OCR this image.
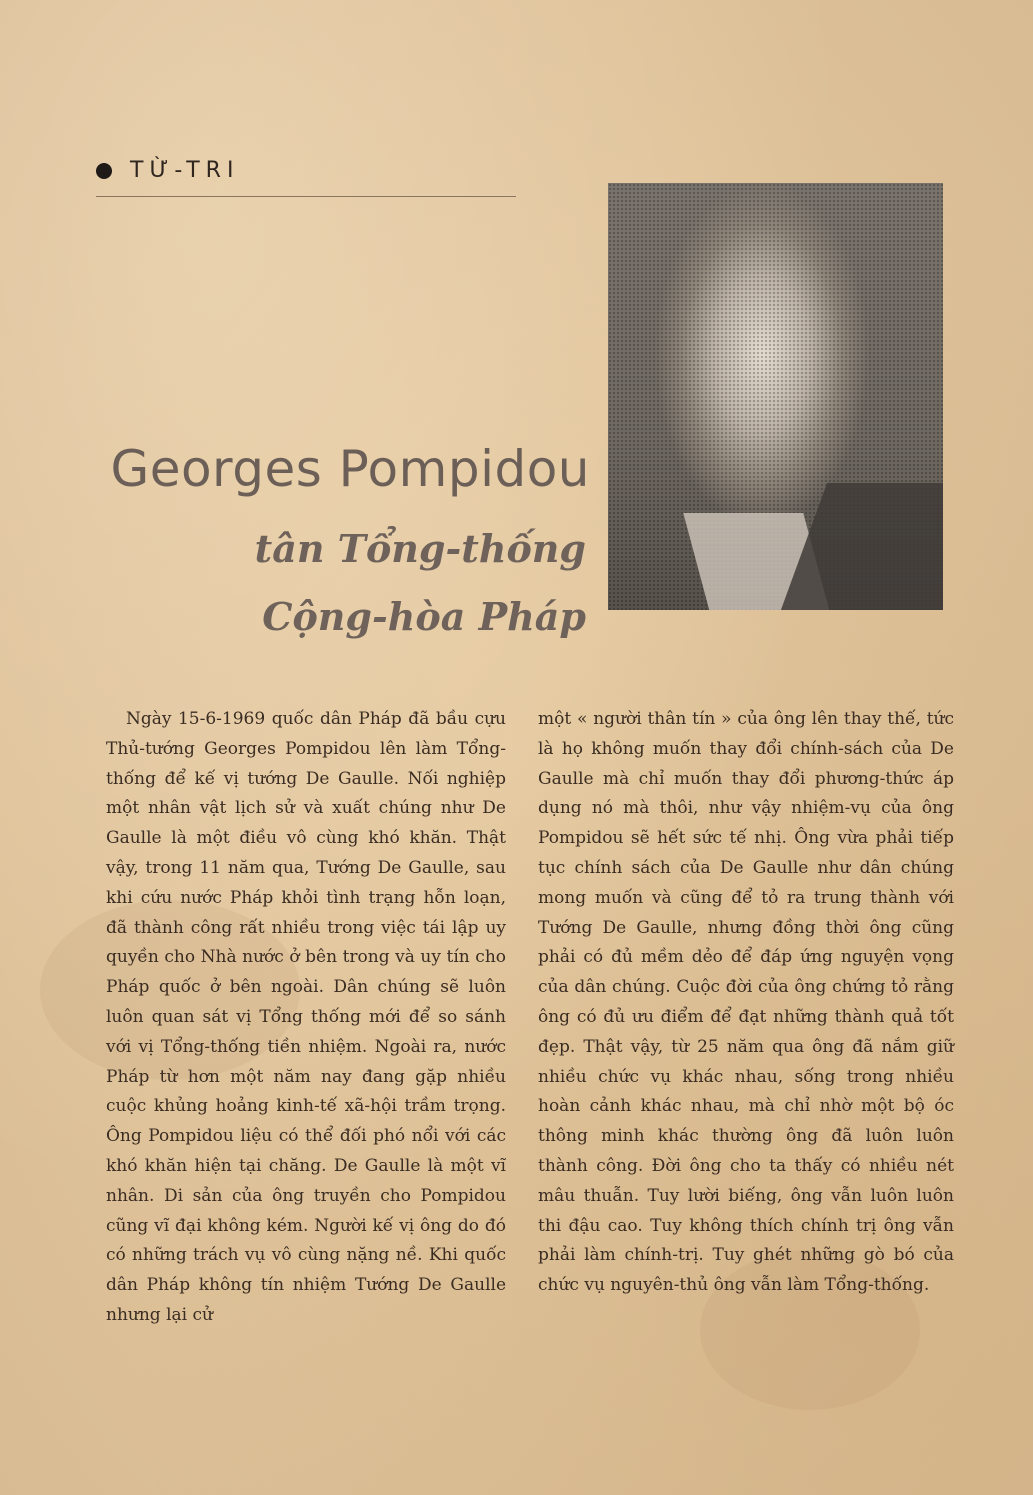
TỪ-TRI
Georges Pompidou
tân Tổng-thống
Cộng-hòa Pháp

Ngày 15-6-1969 quốc dân Pháp đã bầu cựu Thủ-tướng Georges Pompidou lên làm Tổng-thống để kế vị tướng De Gaulle. Nối nghiệp một nhân vật lịch sử và xuất chúng như De Gaulle là một điều vô cùng khó khăn. Thật vậy, trong 11 năm qua, Tướng De Gaulle, sau khi cứu nước Pháp khỏi tình trạng hỗn loạn, đã thành công rất nhiều trong việc tái lập uy quyền cho Nhà nước ở bên trong và uy tín cho Pháp quốc ở bên ngoài. Dân chúng sẽ luôn luôn quan sát vị Tổng thống mới để so sánh với vị Tổng-thống tiền nhiệm. Ngoài ra, nước Pháp từ hơn một năm nay đang gặp nhiều cuộc khủng hoảng kinh-tế xã-hội trầm trọng. Ông Pompidou liệu có thể đối phó nổi với các khó khăn hiện tại chăng. De Gaulle là một vĩ nhân. Di sản của ông truyền cho Pompidou cũng vĩ đại không kém. Người kế vị ông do đó có những trách vụ vô cùng nặng nề. Khi quốc dân Pháp không tín nhiệm Tướng De Gaulle nhưng lại cử

một « người thân tín » của ông lên thay thế, tức là họ không muốn thay đổi chính-sách của De Gaulle mà chỉ muốn thay đổi phương-thức áp dụng nó mà thôi, như vậy nhiệm-vụ của ông Pompidou sẽ hết sức tế nhị. Ông vừa phải tiếp tục chính sách của De Gaulle như dân chúng mong muốn và cũng để tỏ ra trung thành với Tướng De Gaulle, nhưng đồng thời ông cũng phải có đủ mềm dẻo để đáp ứng nguyện vọng của dân chúng. Cuộc đời của ông chứng tỏ rằng ông có đủ ưu điểm để đạt những thành quả tốt đẹp. Thật vậy, từ 25 năm qua ông đã nắm giữ nhiều chức vụ khác nhau, sống trong nhiều hoàn cảnh khác nhau, mà chỉ nhờ một bộ óc thông minh khác thường ông đã luôn luôn thành công. Đời ông cho ta thấy có nhiều nét mâu thuẫn. Tuy lười biếng, ông vẫn luôn luôn thi đậu cao. Tuy không thích chính trị ông vẫn phải làm chính-trị. Tuy ghét những gò bó của chức vụ nguyên-thủ ông vẫn làm Tổng-thống.
